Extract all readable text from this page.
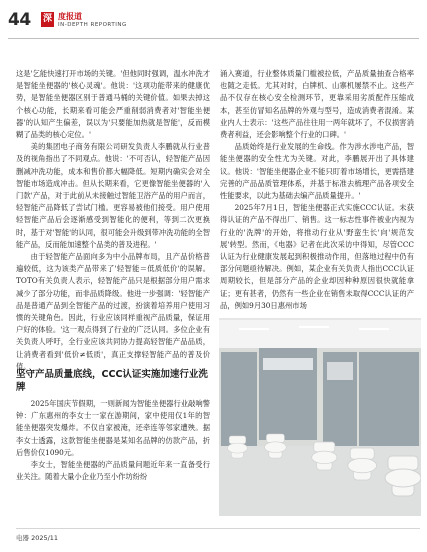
44 深 度报道
IN-DEPTH REPORTING

这是'乞能快速打开市场的关键。'但他同时强调，温水冲洗才是智能坐便器的'核心灵魂'。他说：'这项功能带来的健康优势，是智能坐便器区别于普通马桶的关键价值。如果去掉这个核心功能，长期来看可能会严重削弱消费者对'智能坐便器'的认知产生偏差，误以为'只要能加热就是智能'，反而模糊了品类的核心定位。'

美的集团电子商务有限公司研发负责人李鹏就从行业普及的视角指出了不同观点。他说：'不可否认，轻智能产品因删减冲洗功能，成本和售价都大幅降低。短期内确实会对全智能市场造成冲击。但从长期来看，它更像智能坐便器的'入门款'产品，对于此前从未接触过智能卫浴产品的用户而言，轻智能产品降低了尝试门槛。更容易被他们接受。用户使用轻智能产品后会逐渐感受到智能化的便利，等到二次更换时，基于对'智能'的认同，很可能会升级到带冲洗功能的全智能产品，反而能加速整个品类的普及进程。'

由于轻智能产品面向多为中小品牌布局，且产品价格普遍较低，这为该类产品带来了'轻智能＝低质低价'的误解。TOTO有关负责人表示，轻智能产品只是根据部分用户需求减少了部分功能，而非品质降级。他进一步强调：'轻智能产品是普通产品到全智能产品的过渡，扮演着培养用户使用习惯的关键角色。因此，行业应该同样重视产品质量，保证用户好的体验。'这一观点得到了行业的广泛认同。多位企业有关负责人呼吁，全行业应该共同协力提高轻智能产品品质，让消费者看到'低价≠低质'，真正支撑轻智能产品的普及价值。

坚守产品质量底线，CCC认证实施加速行业洗牌

2025年国庆节假期，一则新闻为智能坐便器行业敲响警钟：广东惠州的李女士一家在游期间，家中使用仅1年的智能坐便器突发爆炸。不仅自家被淹，还牵连等邻家遭殃。据李女士透露，这款智能坐便器是某知名品牌的仿款产品，折后售价仅1090元。

李女士，智能坐便器的产品质量问题近年来一直备受行业关注。随着大量小企业乃至小作坊纷纷

涌入赛道，行业整体质量门槛被拉低，产品质量抽查合格率也随之走低。尤其对时，白牌机、山寨机屡禁不止。这些产品不仅存在核心安全检测环节，更靠采用劣质配件压缩成本，甚至仿冒知名品牌的外观与型号，造成消费者混淆。某业内人士表示：'这些产品往往用一两年就坏了，不仅损害消费者利益，还会影响整个行业的口碑。'

品质始终是行业发展的生命线。作为涉水涉电产品，智能坐便器的安全性尤为关键。对此，李鹏展开出了具体建议。他说：'智能坐便器企业不能只盯着市场增长，更需搭建完善的产品品质管理体系，并基于标准去梳理产品各项安全性能要求，以此为基础去编产品质量提升。'

2025年7月1日，智能坐便器正式实施CCC认证。未获得认证的产品不得出厂、销售。这一标志性事件被业内视为行业的'洗牌'的开始，将推动行业从'野蛮生长'向'规范发展'转型。然而，《电器》记者在此次采访中得知，尽管CCC认证为行业健康发展起到积极推动作用，但落地过程中仍有部分问题亟待解决。例如，某企业有关负责人指出CCC认证周期较长，但是部分产品的企业却因种种原因很快就能拿证；更有甚者，仍然有一些企业在销售未取得CCC认证的产品，例如9月30日惠州市场

电器 2025/11
